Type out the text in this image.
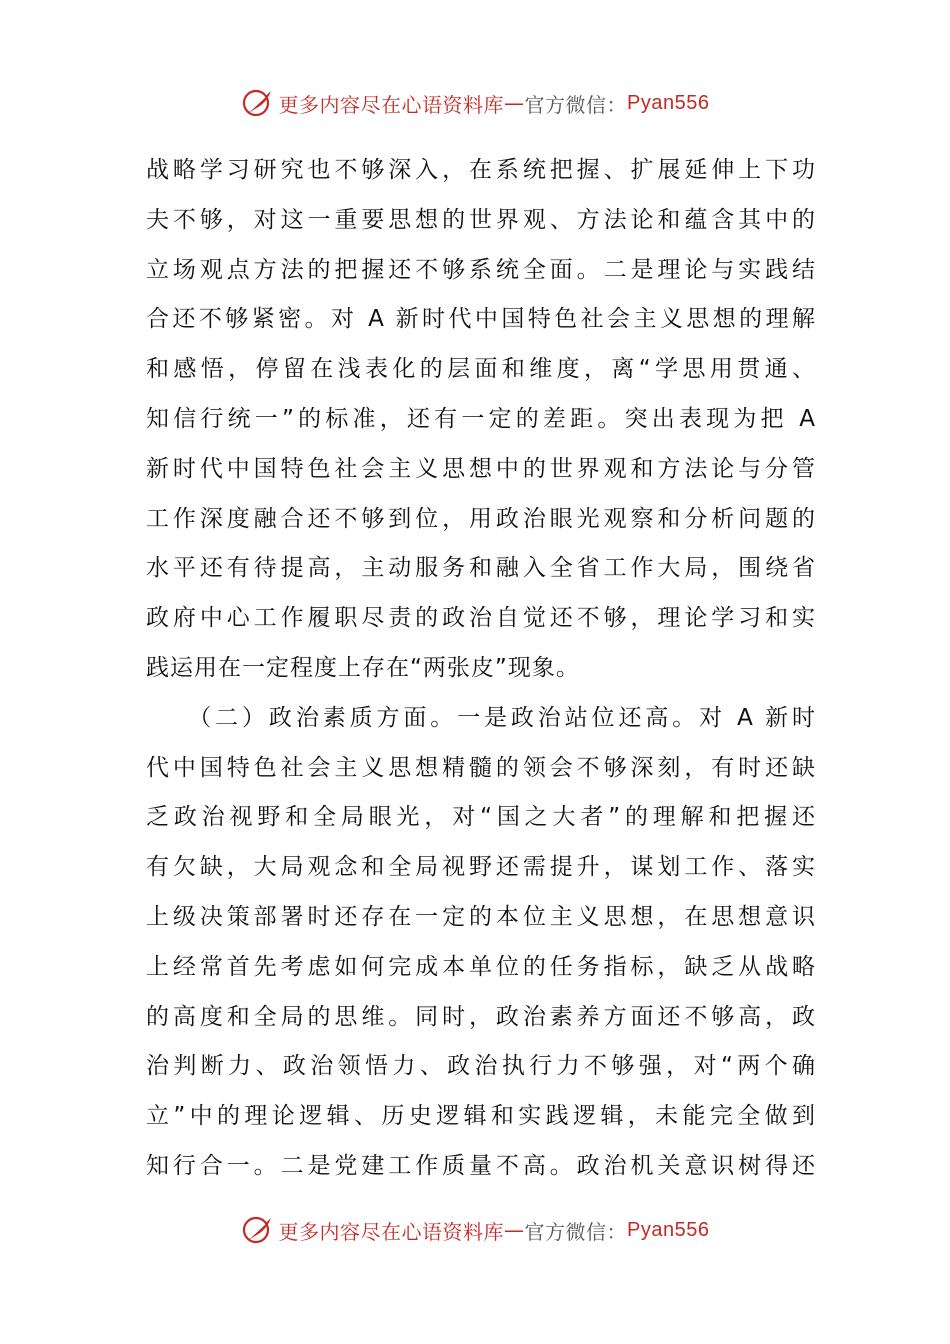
更多内容尽在心语资料库 — 官方微信： Pyan556
战略学习研究也不够深入，在系统把握、扩展延伸上下功
夫不够，对这一重要思想的世界观、方法论和蕴含其中的
立场观点方法的把握还不够系统全面。二是理论与实践结
合还不够紧密。对 A 新时代中国特色社会主义思想的理解
和感悟，停留在浅表化的层面和维度，离“学思用贯通、
知信行统一”的标准，还有一定的差距。突出表现为把 A
新时代中国特色社会主义思想中的世界观和方法论与分管
工作深度融合还不够到位，用政治眼光观察和分析问题的
水平还有待提高，主动服务和融入全省工作大局，围绕省
政府中心工作履职尽责的政治自觉还不够，理论学习和实
践运用在一定程度上存在“两张皮”现象。
　　（二）政治素质方面。一是政治站位还高。对 A 新时
代中国特色社会主义思想精髓的领会不够深刻，有时还缺
乏政治视野和全局眼光，对“国之大者”的理解和把握还
有欠缺，大局观念和全局视野还需提升，谋划工作、落实
上级决策部署时还存在一定的本位主义思想，在思想意识
上经常首先考虑如何完成本单位的任务指标，缺乏从战略
的高度和全局的思维。同时，政治素养方面还不够高，政
治判断力、政治领悟力、政治执行力不够强，对“两个确
立”中的理论逻辑、历史逻辑和实践逻辑，未能完全做到
知行合一。二是党建工作质量不高。政治机关意识树得还
更多内容尽在心语资料库 — 官方微信： Pyan556
